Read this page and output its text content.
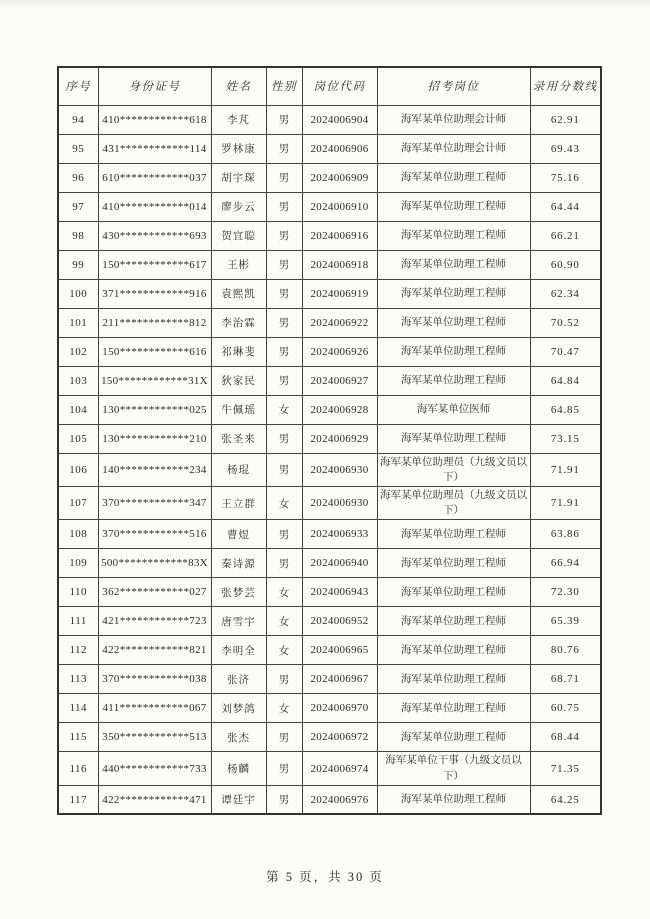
序号	身份证号	姓名	性别	岗位代码	招考岗位	录用分数线
94	410************618	李芃	男	2024006904	海军某单位助理会计师	62.91
95	431************114	罗林康	男	2024006906	海军某单位助理会计师	69.43
96	610************037	胡宇琛	男	2024006909	海军某单位助理工程师	75.16
97	410************014	廖步云	男	2024006910	海军某单位助理工程师	64.44
98	430************693	贺宜聪	男	2024006916	海军某单位助理工程师	66.21
99	150************617	王彬	男	2024006918	海军某单位助理工程师	60.90
100	371************916	袁熙凯	男	2024006919	海军某单位助理工程师	62.34
101	211************812	李治霖	男	2024006922	海军某单位助理工程师	70.52
102	150************616	祁琳斐	男	2024006926	海军某单位助理工程师	70.47
103	150************31X	狄家民	男	2024006927	海军某单位助理工程师	64.84
104	130************025	牛佩瑶	女	2024006928	海军某单位医师	64.85
105	130************210	张圣来	男	2024006929	海军某单位助理工程师	73.15
106	140************234	杨琨	男	2024006930	海军某单位助理员（九级文员以下）	71.91
107	370************347	王立群	女	2024006930	海军某单位助理员（九级文员以下）	71.91
108	370************516	曹煜	男	2024006933	海军某单位助理工程师	63.86
109	500************83X	秦诗源	男	2024006940	海军某单位助理工程师	66.94
110	362************027	张梦芸	女	2024006943	海军某单位助理工程师	72.30
111	421************723	唐雪宇	女	2024006952	海军某单位助理工程师	65.39
112	422************821	李明全	女	2024006965	海军某单位助理工程师	80.76
113	370************038	张济	男	2024006967	海军某单位助理工程师	68.71
114	411************067	刘梦鸽	女	2024006970	海军某单位助理工程师	60.75
115	350************513	张杰	男	2024006972	海军某单位助理工程师	68.44
116	440************733	杨麟	男	2024006974	海军某单位干事（九级文员以下）	71.35
117	422************471	谭廷宇	男	2024006976	海军某单位助理工程师	64.25
第 5 页，共 30 页
